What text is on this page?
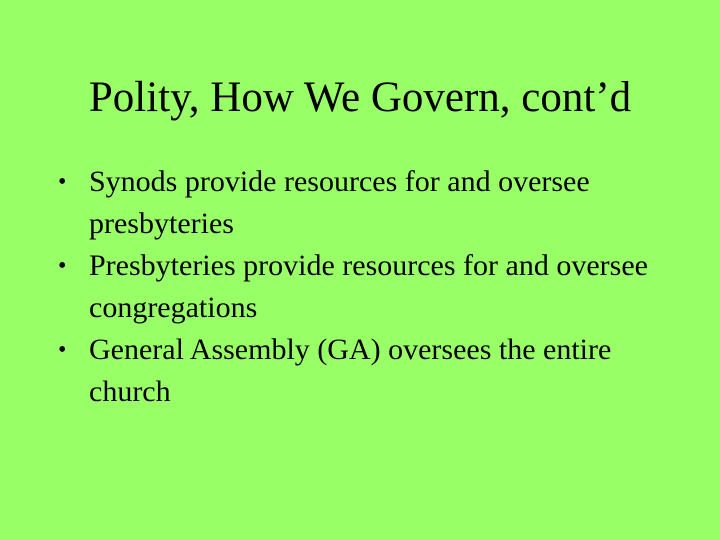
Polity, How We Govern, cont’d
• Synods provide resources for and oversee presbyteries
• Presbyteries provide resources for and oversee congregations
• General Assembly (GA) oversees the entire church
